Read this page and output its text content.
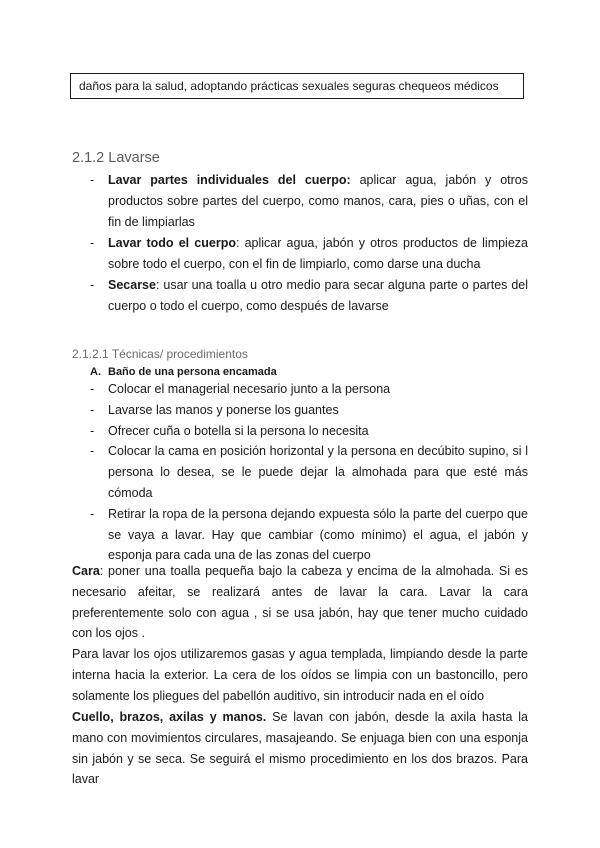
daños para la salud, adoptando prácticas sexuales seguras chequeos médicos
2.1.2 Lavarse
- Lavar partes individuales del cuerpo: aplicar agua, jabón y otros productos sobre partes del cuerpo, como manos, cara, pies o uñas, con el fin de limpiarlas
- Lavar todo el cuerpo: aplicar agua, jabón y otros productos de limpieza sobre todo el cuerpo, con el fin de limpiarlo, como darse una ducha
- Secarse: usar una toalla u otro medio para secar alguna parte o partes del cuerpo o todo el cuerpo, como después de lavarse
2.1.2.1 Técnicas/ procedimientos
A. Baño de una persona encamada
- Colocar el managerial necesario junto a la persona
- Lavarse las manos y ponerse los guantes
- Ofrecer cuña o botella si la persona lo necesita
- Colocar la cama en posición horizontal y la persona en decúbito supino, si l persona lo desea, se le puede dejar la almohada para que esté más cómoda
- Retirar la ropa de la persona dejando expuesta sólo la parte del cuerpo que se vaya a lavar. Hay que cambiar (como mínimo) el agua, el jabón y esponja para cada una de las zonas del cuerpo
Cara: poner una toalla pequeña bajo la cabeza y encima de la almohada. Si es necesario afeitar, se realizará antes de lavar la cara. Lavar la cara preferentemente solo con agua , si se usa jabón, hay que tener mucho cuidado con los ojos .
Para lavar los ojos utilizaremos gasas y agua templada, limpiando desde la parte interna hacia la exterior. La cera de los oídos se limpia con un bastoncillo, pero solamente los pliegues del pabellón auditivo, sin introducir nada en el oído
Cuello, brazos, axilas y manos. Se lavan con jabón, desde la axila hasta la mano con movimientos circulares, masajeando. Se enjuaga bien con una esponja sin jabón y se seca. Se seguirá el mismo procedimiento en los dos brazos. Para lavar
